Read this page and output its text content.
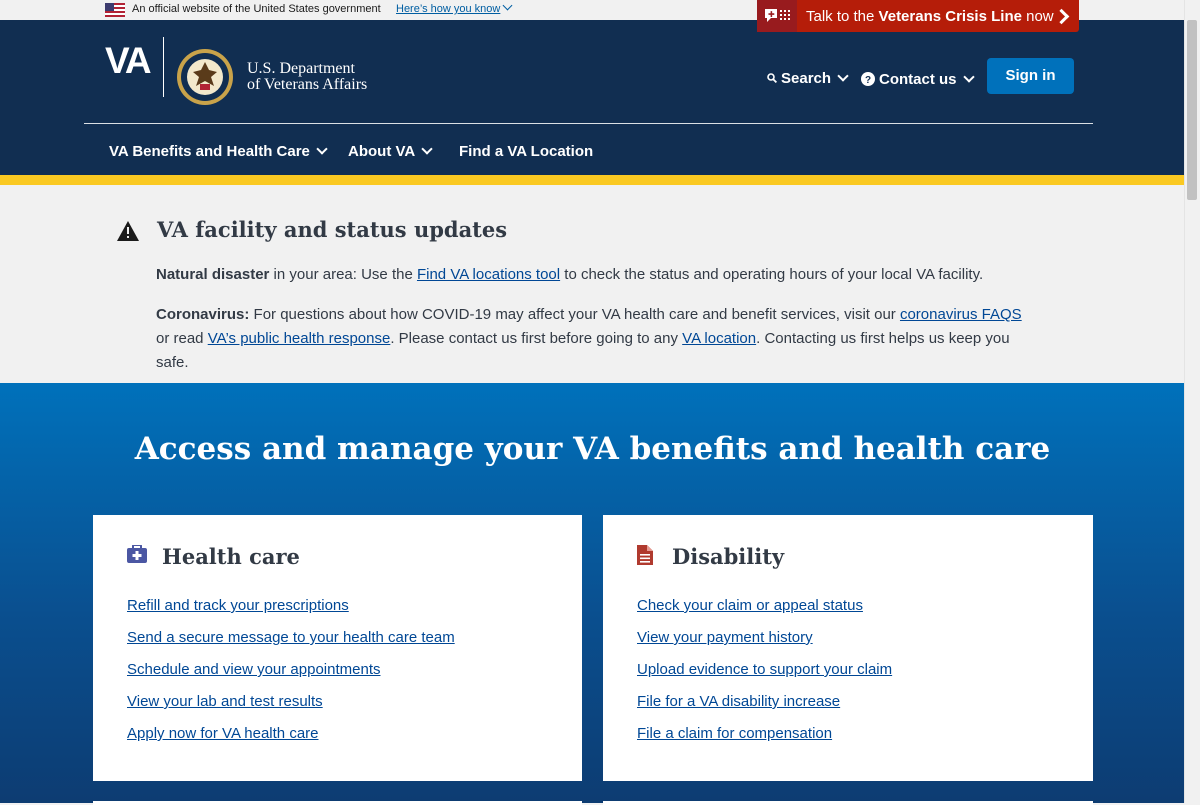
An official website of the United States government Here’s how you know	✚ Talk to the Veterans Crisis Line now
VA	U.S. Department
of Veterans Affairs	Search	? Contact us	Sign in
VA Benefits and Health Care	About VA	Find a VA Location
VA facility and status updates

Natural disaster in your area: Use the Find VA locations tool to check the status and operating hours of your local VA facility.

Coronavirus: For questions about how COVID-19 may affect your VA health care and benefit services, visit our coronavirus FAQS or read VA’s public health response. Please contact us first before going to any VA location. Contacting us first helps us keep you safe.

Access and manage your VA benefits and health care
Health care
Refill and track your prescriptions
Send a secure message to your health care team
Schedule and view your appointments
View your lab and test results
Apply now for VA health care
Disability
Check your claim or appeal status
View your payment history
Upload evidence to support your claim
File for a VA disability increase
File a claim for compensation
